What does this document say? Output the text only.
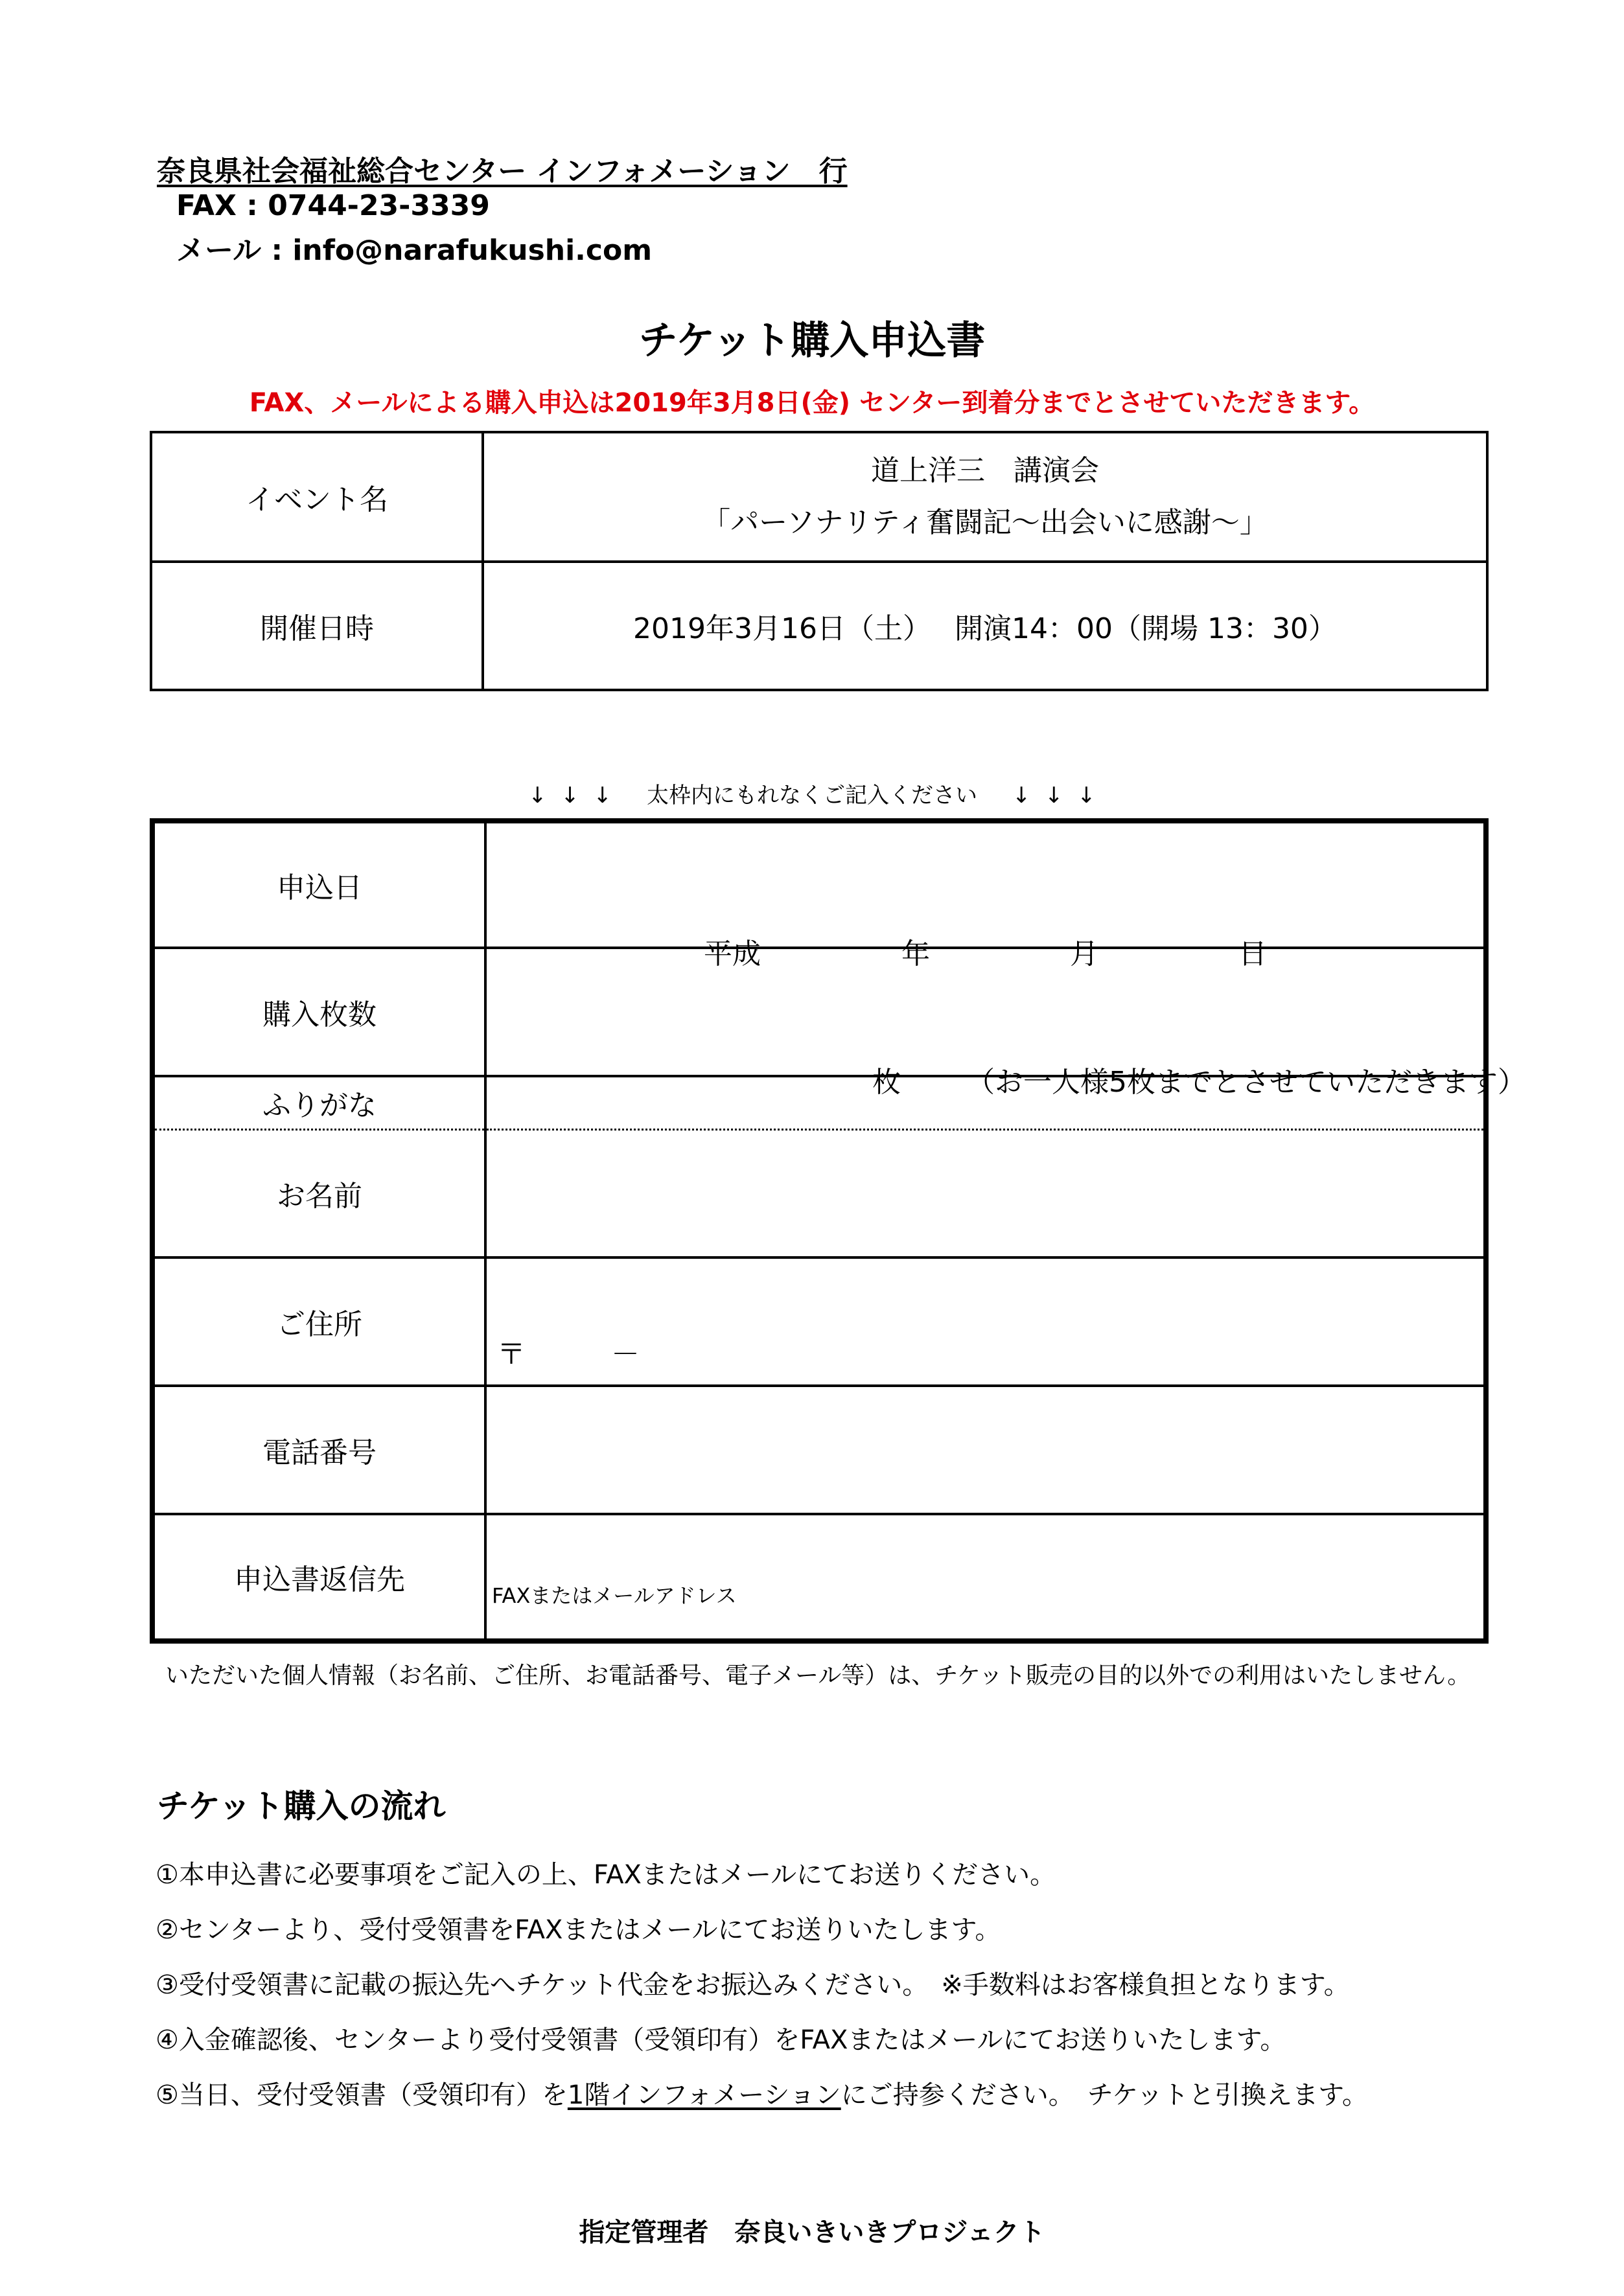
奈良県社会福祉総合センター インフォメーション　行
FAX : 0744-23-3339
メール : info@narafukushi.com
チケット購入申込書
FAX、メールによる購入申込は2019年3月8日(金) センター到着分までとさせていただきます。
イベント名	道上洋三　講演会
「パーソナリティ奮闘記～出会いに感謝～」

開催日時	2019年3月16日（土）　 開演14：00（開場 13：30）
↓  ↓  ↓     太枠内にもれなくご記入ください     ↓  ↓  ↓
申込日	平成 年 月 日

購入枚数	枚 （お一人様5枚までとさせていただきます）

ふりがな	
お名前	
ご住所	〒　　　－

電話番号	
申込書返信先	FAXまたはメールアドレス
いただいた個人情報（お名前、ご住所、お電話番号、電子メール等）は、チケット販売の目的以外での利用はいたしません。
チケット購入の流れ
①本申込書に必要事項をご記入の上、FAXまたはメールにてお送りください。
②センターより、受付受領書をFAXまたはメールにてお送りいたします。
③受付受領書に記載の振込先へチケット代金をお振込みください。　※手数料はお客様負担となります。
④入金確認後、センターより受付受領書（受領印有）をFAXまたはメールにてお送りいたします。
⑤当日、受付受領書（受領印有）を1階インフォメーションにご持参ください。　チケットと引換えます。
指定管理者　奈良いきいきプロジェクト
